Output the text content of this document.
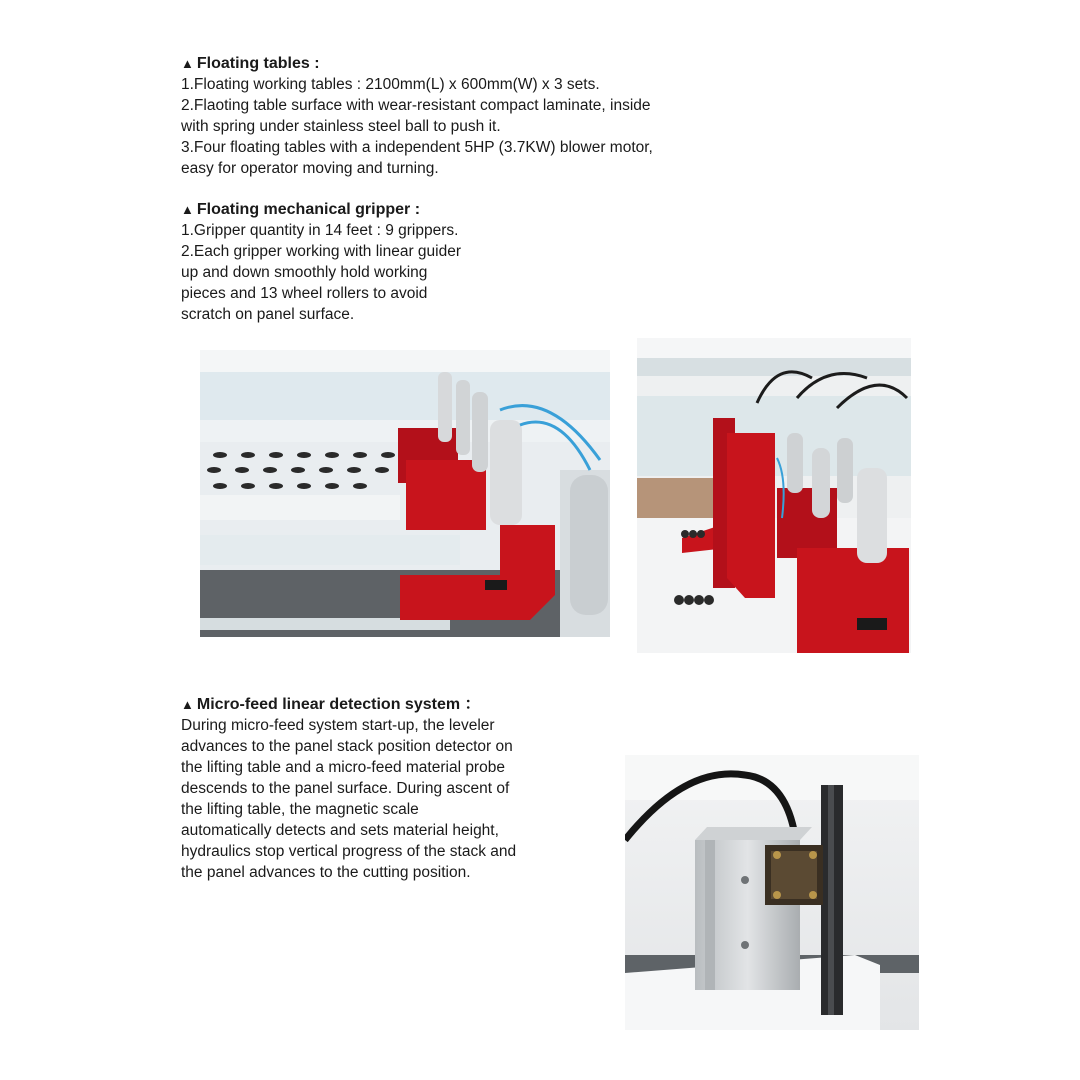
▲ Floating tables :
1.Floating working tables : 2100mm(L) x 600mm(W) x 3 sets.
2.Flaoting table surface with wear-resistant compact laminate, inside
with spring under stainless steel ball to push it.
3.Four floating tables with a independent 5HP (3.7KW) blower motor,
easy for operator moving and turning.
▲ Floating mechanical gripper :
1.Gripper quantity in 14 feet : 9 grippers.
2.Each gripper working with linear guider
up and down smoothly hold working
pieces and 13 wheel rollers to avoid
scratch on panel surface.
▲ Micro-feed linear detection system ：
During micro-feed system start-up, the leveler
advances to the panel stack position detector on
the lifting table and a micro-feed material probe
descends to the panel surface. During ascent of
the lifting table, the magnetic scale
automatically detects and sets material height,
hydraulics stop vertical progress of the stack and
the panel advances to the cutting position.
